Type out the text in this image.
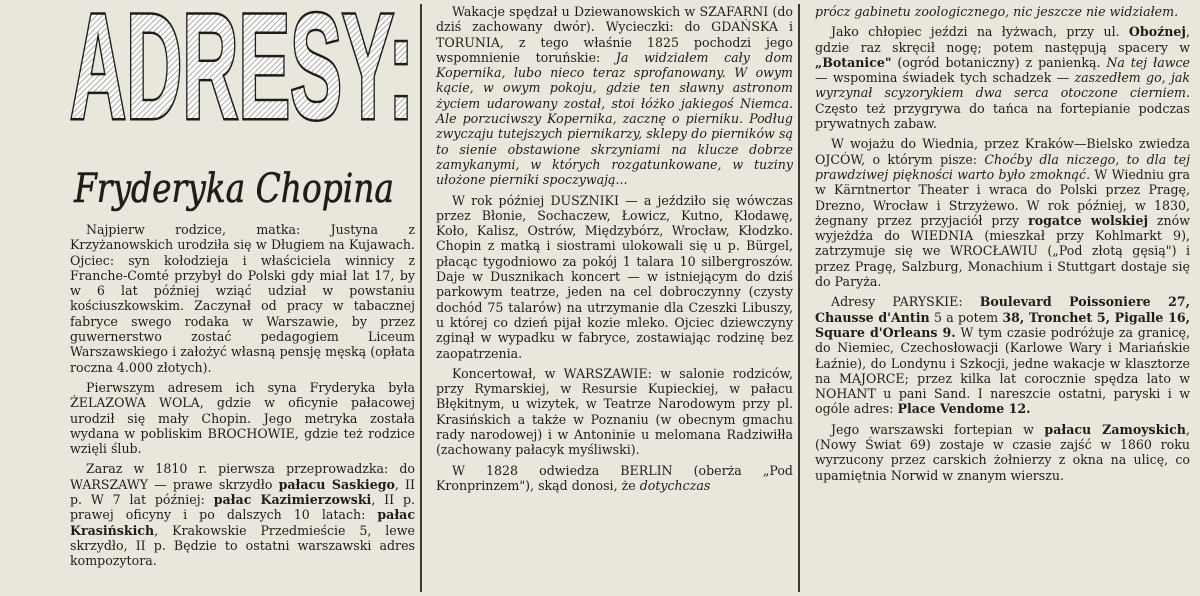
ADRESY:
Fryderyka Chopina

Najpierw rodzice, matka: Justyna z Krzyżanowskich urodziła się w Długiem na Kujawach. Ojciec: syn kołodzieja i właściciela winnicy z Franche-Comté przybył do Polski gdy miał lat 17, by w 6 lat później wziąć udział w powstaniu kościuszkowskim. Zaczynał od pracy w tabacznej fabryce swego rodaka w Warszawie, by przez guwernerstwo zostać pedagogiem Liceum Warszawskiego i założyć własną pensję męską (opłata roczna 4.000 złotych).

Pierwszym adresem ich syna Fryderyka była ŻELAZOWA WOLA, gdzie w oficynie pałacowej urodził się mały Chopin. Jego metryka została wydana w pobliskim BROCHOWIE, gdzie też rodzice wzięli ślub.

Zaraz w 1810 r. pierwsza przeprowadzka: do WARSZAWY — prawe skrzydło pałacu Saskiego, II p. W 7 lat później: pałac Kazimierzowski, II p. prawej oficyny i po dalszych 10 latach: pałac Krasińskich, Krakowskie Przedmieście 5, lewe skrzydło, II p. Będzie to ostatni warszawski adres kompozytora.

Wakacje spędzał u Dziewanowskich w SZAFARNI (do dziś zachowany dwór). Wycieczki: do GDAŃSKA i TORUNIA, z tego właśnie 1825 pochodzi jego wspomnienie toruńskie: Ja widziałem cały dom Kopernika, lubo nieco teraz sprofanowany. W owym kącie, w owym pokoju, gdzie ten sławny astronom życiem udarowany został, stoi łóżko jakiegoś Niemca. Ale porzuciwszy Kopernika, zacznę o pierniku. Podług zwyczaju tutejszych piernikarzy, sklepy do pierników są to sienie obstawione skrzyniami na klucze dobrze zamykanymi, w których rozgatunkowane, w tuziny ułożone pierniki spoczywają...

W rok później DUSZNIKI — a jeździło się wówczas przez Błonie, Sochaczew, Łowicz, Kutno, Kłodawę, Koło, Kalisz, Ostrów, Międzybórz, Wrocław, Kłodzko. Chopin z matką i siostrami ulokowali się u p. Bürgel, płacąc tygodniowo za pokój 1 talara 10 silbergroszów. Daje w Dusznikach koncert — w istniejącym do dziś parkowym teatrze, jeden na cel dobroczynny (czysty dochód 75 talarów) na utrzymanie dla Czeszki Libuszy, u której co dzień pijał kozie mleko. Ojciec dziewczyny zginął w wypadku w fabryce, zostawiając rodzinę bez zaopatrzenia.

Koncertował, w WARSZAWIE: w salonie rodziców, przy Rymarskiej, w Resursie Kupieckiej, w pałacu Błękitnym, u wizytek, w Teatrze Narodowym przy pl. Krasińskich a także w Poznaniu (w obecnym gmachu rady narodowej) i w Antoninie u melomana Radziwiłła (zachowany pałacyk myśliwski).

W 1828 odwiedza BERLIN (oberża „Pod Kronprinzem"), skąd donosi, że dotychczas

prócz gabinetu zoologicznego, nic jeszcze nie widziałem.

Jako chłopiec jeździ na łyżwach, przy ul. Oboźnej, gdzie raz skręcił nogę; potem następują spacery w „Botanice" (ogród botaniczny) z panienką. Na tej ławce — wspomina świadek tych schadzek — zaszedłem go, jak wyrzynał scyzorykiem dwa serca otoczone cierniem. Często też przygrywa do tańca na fortepianie podczas prywatnych zabaw.

W wojażu do Wiednia, przez Kraków—Bielsko zwiedza OJCÓW, o którym pisze: Choćby dla niczego, to dla tej prawdziwej piękności warto było zmoknąć. W Wiedniu gra w Kärntnertor Theater i wraca do Polski przez Pragę, Drezno, Wrocław i Strzyżewo. W rok później, w 1830, żegnany przez przyjaciół przy rogatce wolskiej znów wyjeżdża do WIEDNIA (mieszkał przy Kohlmarkt 9), zatrzymuje się we WROCŁAWIU („Pod złotą gęsią") i przez Pragę, Salzburg, Monachium i Stuttgart dostaje się do Paryża.

Adresy PARYSKIE: Boulevard Poissoniere 27, Chausse d'Antin 5 a potem 38, Tronchet 5, Pigalle 16, Square d'Orleans 9. W tym czasie podróżuje za granicę, do Niemiec, Czechosłowacji (Karlowe Wary i Mariańskie Łaźnie), do Londynu i Szkocji, jedne wakacje w klasztorze na MAJORCE; przez kilka lat corocznie spędza lato w NOHANT u pani Sand. I nareszcie ostatni, paryski i w ogóle adres: Place Vendome 12.

Jego warszawski fortepian w pałacu Zamoyskich, (Nowy Świat 69) zostaje w czasie zajść w 1860 roku wyrzucony przez carskich żołnierzy z okna na ulicę, co upamiętnia Norwid w znanym wierszu.
